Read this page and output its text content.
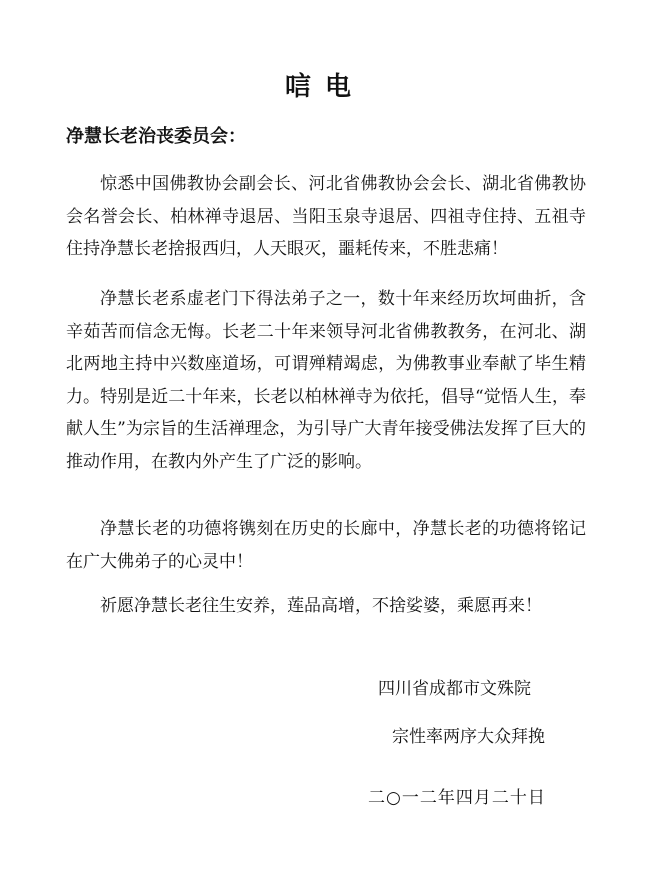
唁电
净慧长老治丧委员会：

惊悉中国佛教协会副会长、河北省佛教协会会长、湖北省佛教协会名誉会长、柏林禅寺退居、当阳玉泉寺退居、四祖寺住持、五祖寺住持净慧长老捨报西归，人天眼灭，噩耗传来，不胜悲痛！

净慧长老系虚老门下得法弟子之一，数十年来经历坎坷曲折，含辛茹苦而信念无悔。长老二十年来领导河北省佛教教务，在河北、湖北两地主持中兴数座道场，可谓殚精竭虑，为佛教事业奉献了毕生精力。特别是近二十年来，长老以柏林禅寺为依托，倡导“觉悟人生，奉献人生”为宗旨的生活禅理念，为引导广大青年接受佛法发挥了巨大的推动作用，在教内外产生了广泛的影响。

净慧长老的功德将镌刻在历史的长廊中，净慧长老的功德将铭记在广大佛弟子的心灵中！

祈愿净慧长老往生安养，莲品高增，不捨娑婆，乘愿再来！

四川省成都市文殊院
宗性率两序大众拜挽
二○一二年四月二十日
